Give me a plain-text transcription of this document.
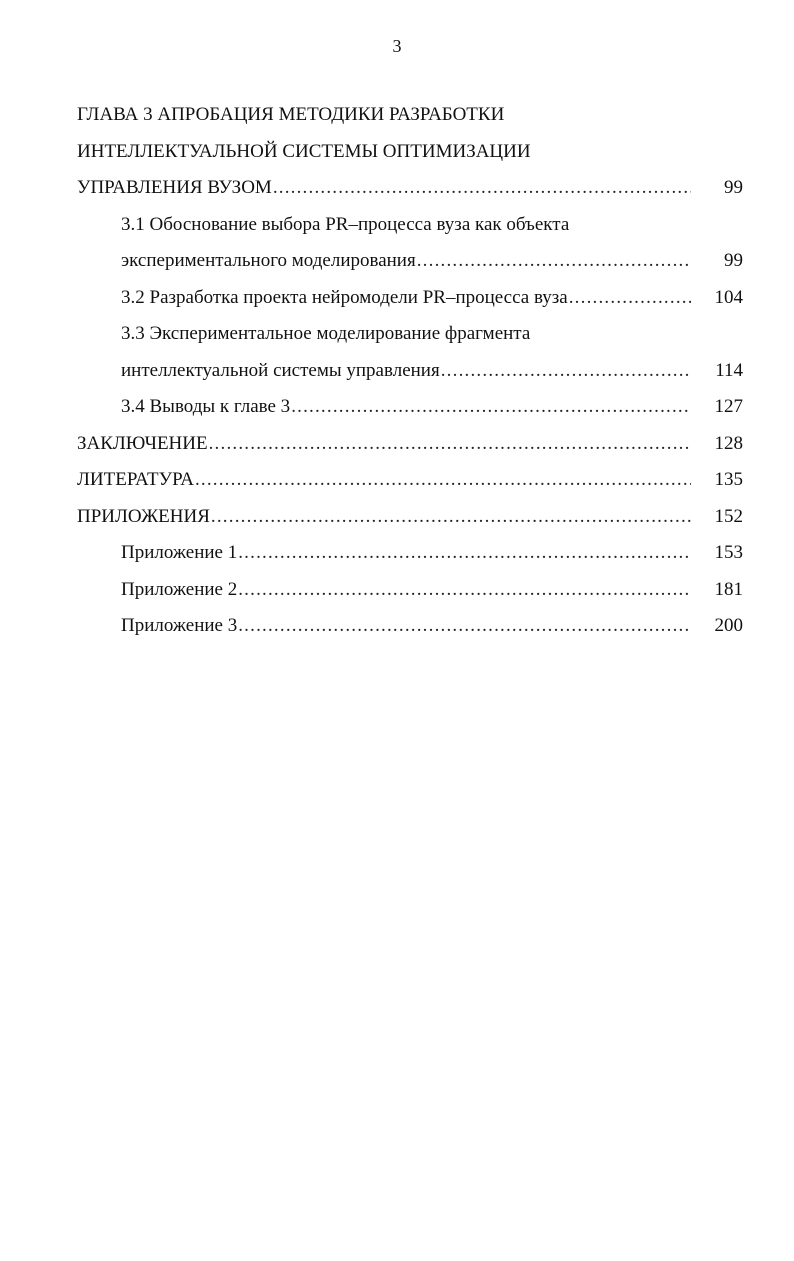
3
ГЛАВА 3 АПРОБАЦИЯ МЕТОДИКИ РАЗРАБОТКИ
ИНТЕЛЛЕКТУАЛЬНОЙ СИСТЕМЫ ОПТИМИЗАЦИИ
УПРАВЛЕНИЯ ВУЗОМ .....	99
3.1 Обоснование выбора PR–процесса вуза как объекта
экспериментального моделирования .....	99
3.2 Разработка проекта нейромодели PR–процесса вуза .....	104
3.3 Экспериментальное моделирование фрагмента
интеллектуальной системы управления .....	114
3.4 Выводы к главе 3 .....	127
ЗАКЛЮЧЕНИЕ .....	128
ЛИТЕРАТУРА .....	135
ПРИЛОЖЕНИЯ .....	152
Приложение 1 .....	153
Приложение 2 .....	181
Приложение 3 .....	200
